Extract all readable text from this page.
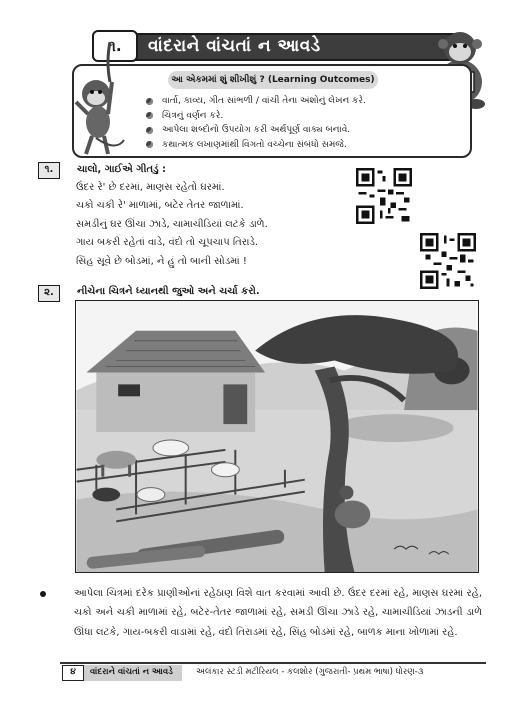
૧.	વાંદરાને વાંચતાં ન આવડે
આ એકમમાં શું શીખીશું ? (Learning Outcomes)
વાર્તા, કાવ્ય, ગીત સાંભળી / વાંચી તેના અંશોનું લેખન કરે.
ચિત્રનું વર્ણન કરે.
આપેલા શબ્દોનો ઉપયોગ કરી અર્થપૂર્ણ વાક્ય બનાવે.
કથાત્મક લખાણમાંથી વિગતો વચ્ચેના સંબંધો સમજે.
૧.	ચાલો, ગાઈએ ગીતડું :
ઉંદર રે' છે દરમાં, માણસ રહેતો ઘરમાં.
ચકો ચકી રે' માળામાં, બટેર તેતર જાળામાં.
સમડીનું ઘર ઊંચા ઝાડે, ચામાચીડિયાં લટકે ડાળે.
ગાય બકરી રહેતાં વાડે, વંદો તો ચૂપચાપ તિરાડે.
સિંહ સૂવે છે બોડમાં, ને હું તો બાની સોડમાં !
૨.	નીચેના ચિત્રને ધ્યાનથી જુઓ અને ચર્ચા કરો.
આપેલા ચિત્રમાં દરેક પ્રાણીઓનાં રહેઠાણ વિશે વાત કરવામાં આવી છે. ઉંદર દરમાં રહે, માણસ ઘરમાં રહે, ચકો અને ચકી માળામાં રહે, બટેર-તેતર જાળામાં રહે, સમડી ઊંચા ઝાડે રહે, ચામાચીડિયાં ઝાડની ડાળે ઊંધા લટકે, ગાય-બકરી વાડામાં રહે, વંદો તિરાડમાં રહે, સિંહ બોડમાં રહે, બાળક માના ખોળામાં રહે.
૪	વાંદરાને વાંચતાં ન આવડે	અલંકાર સ્ટડી મટીરિયલ - કલશોર (ગુજરાતી- પ્રથમ ભાષા) ધોરણ-૩
